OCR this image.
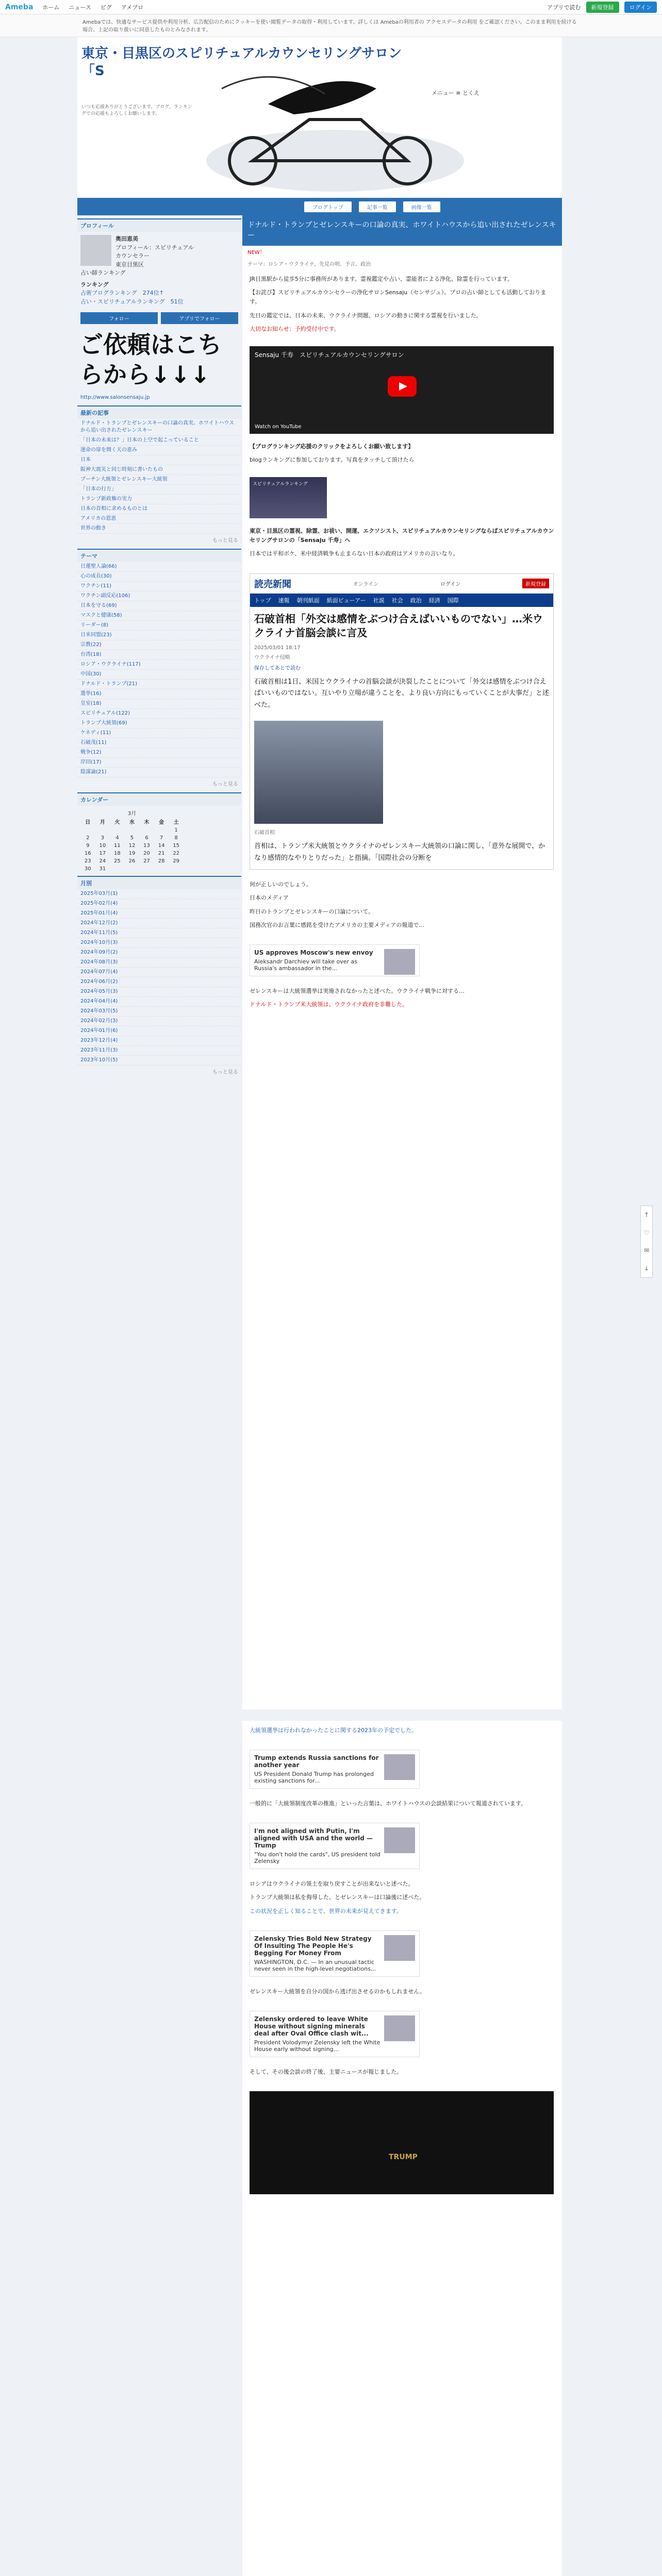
Ameba ホーム ニュース ピグ アメブロ	アプリで読む	新規登録	ログイン
Amebaでは、快適なサービス提供や利用分析、広告配信のためにクッキーを使い閲覧データの取得・利用しています。詳しくは Amebaの利用者の アクセスデータの利用 をご確認ください。このまま利用を続ける場合、上記の取り扱いに同意したものとみなされます。
東京・目黒区のスピリチュアルカウンセリングサロン「S
いつも応援ありがとうございます。ブログ、ランキングでの応援もよろしくお願いします。
メニュー ≡ とくえ
ブログトップ	記事一覧	画像一覧
プロフィール
奥田恵美
プロフィール：スピリチュアル
カウンセラー
東京目黒区
占い師ランキング
ランキング
占術ブログランキング　274位↑
占い・スピリチュアルランキング　51位
フォロー	アプリでフォロー
ご依頼はこちらから↓↓↓
http://www.salonsensaju.jp
最新の記事
ドナルド・トランプとゼレンスキーの口論の真実、ホワイトハウスから追い出されたゼレンスキー
「日本の未来は？」日本の上空で起こっていること
運命の扉を開く天の恵み
日本
阪神大震災と同じ時刻に書いたもの
プーチン大統領とゼレンスキー大統領
「日本の行方」
トランプ新政権の実力
日本の首相に求めるものとは
アメリカの恩恵
世界の動き
もっと見る
テーマ
日蓮聖人論(66)
心の成長(30)
ワクチン(11)
ワクチン副反応(106)
日本を守る(69)
マスクと健康(58)
リーダー(8)
日米同盟(23)
宗教(22)
台湾(18)
ロシア・ウクライナ(117)
中国(30)
ドナルド・トランプ(21)
選挙(16)
皇室(18)
スピリチュアル(122)
トランプ大統領(69)
ケネディ(11)
石破茂(11)
戦争(12)
岸田(17)
陰謀論(21)
もっと見る
カレンダー
3月
日	月	火	水	木	金	土
						1
2	3	4	5	6	7	8
9	10	11	12	13	14	15
16	17	18	19	20	21	22
23	24	25	26	27	28	29
30	31					
月別
2025年03月(1)
2025年02月(4)
2025年01月(4)
2024年12月(2)
2024年11月(5)
2024年10月(3)
2024年09月(2)
2024年08月(3)
2024年07月(4)
2024年06月(2)
2024年05月(3)
2024年04月(4)
2024年03月(5)
2024年02月(3)
2024年01月(6)
2023年12月(4)
2023年11月(3)
2023年10月(5)
もっと見る
ドナルド・トランプとゼレンスキーの口論の真実、ホワイトハウスから追い出されたゼレンスキー
NEW！
テーマ：ロシア・ウクライナ、先見の明、予言、政治

JR目黒駅から徒歩5分に事務所があります。霊視鑑定や占い、霊能者による浄化、除霊を行っています。

【お詫び】スピリチュアルカウンセラーの浄化サロンSensaju（センサジュ）。プロの占い師としても活動しております。

先日の鑑定では、日本の未来、ウクライナ問題、ロシアの動きに関する霊視を行いました。

大切なお知らせ：予約受付中です。

Sensaju 千寿　スピリチュアルカウンセリングサロン
Watch on YouTube

【ブログランキング応援のクリックをよろしくお願い致します】

blogランキングに参加しております。写真をタッチして頂けたら

スピリチュアルランキング

東京・目黒区の霊視、除霊、お祓い、開運、エクソシスト、スピリチュアルカウンセリングならばスピリチュアルカウンセリングサロンの「Sensaju 千寿」へ

日本では平和ボケ、米中経済戦争も止まらない日本の政府はアメリカの言いなり。

読売新聞	オンライン	ログイン	新規登録
トップ 速報 朝刊紙面 紙面ビューアー 社説 社会 政治 経済 国際
石破首相「外交は感情をぶつけ合えばいいものでない」…米ウクライナ首脳会談に言及
2025/03/01 18:17
ウクライナ侵略
保存してあとで読む
石破首相は1日、米国とウクライナの首脳会談が決裂したことについて「外交は感情をぶつけ合えばいいものではない。互いやり立場が違うことを、より良い方向にもっていくことが大事だ」と述べた。
石破首相
首相は、トランプ米大統領とウクライナのゼレンスキー大統領の口論に関し、「意外な展開で、かなり感情的なやりとりだった」と指摘。「国際社会の分断を

何が正しいのでしょう。

日本のメディア

昨日のトランプとゼレンスキーの口論について。

国務次官のお言葉に感銘を受けたアメリカの主要メディアの報道で…

US approves Moscow's new envoy
Aleksandr Darchiev will take over as Russia's ambassador in the...

ゼレンスキーは大統領選挙は実施されなかったと述べた。ウクライナ戦争に対する…

ドナルド・トランプ米大統領は、ウクライナ政府を非難した。

大統領選挙は行われなかったことに関する2023年の予定でした。

Trump extends Russia sanctions for another year
US President Donald Trump has prolonged existing sanctions for...

一般的に「大統領制度改革の推進」といった言葉は、ホワイトハウスの会談結果について報道されています。

I'm not aligned with Putin, I'm aligned with USA and the world — Trump
"You don't hold the cards", US president told Zelensky

ロシアはウクライナの領土を取り戻すことが出来ないと述べた。

トランプ大統領は私を侮辱した、とゼレンスキーは口論後に述べた。

この状況を正しく知ることで、世界の未来が見えてきます。

Zelensky Tries Bold New Strategy Of Insulting The People He's Begging For Money From
WASHINGTON, D.C. — In an unusual tactic never seen in the high-level negotiations...

ゼレンスキー大統領を自分の国から逃げ出させるのかもしれません。

Zelensky ordered to leave White House without signing minerals deal after Oval Office clash wit...
President Volodymyr Zelensky left the White House early without signing...

そして、その後会談の終了後、主要ニュースが報じました。

TRUMP
↑
♡
✉
↓
